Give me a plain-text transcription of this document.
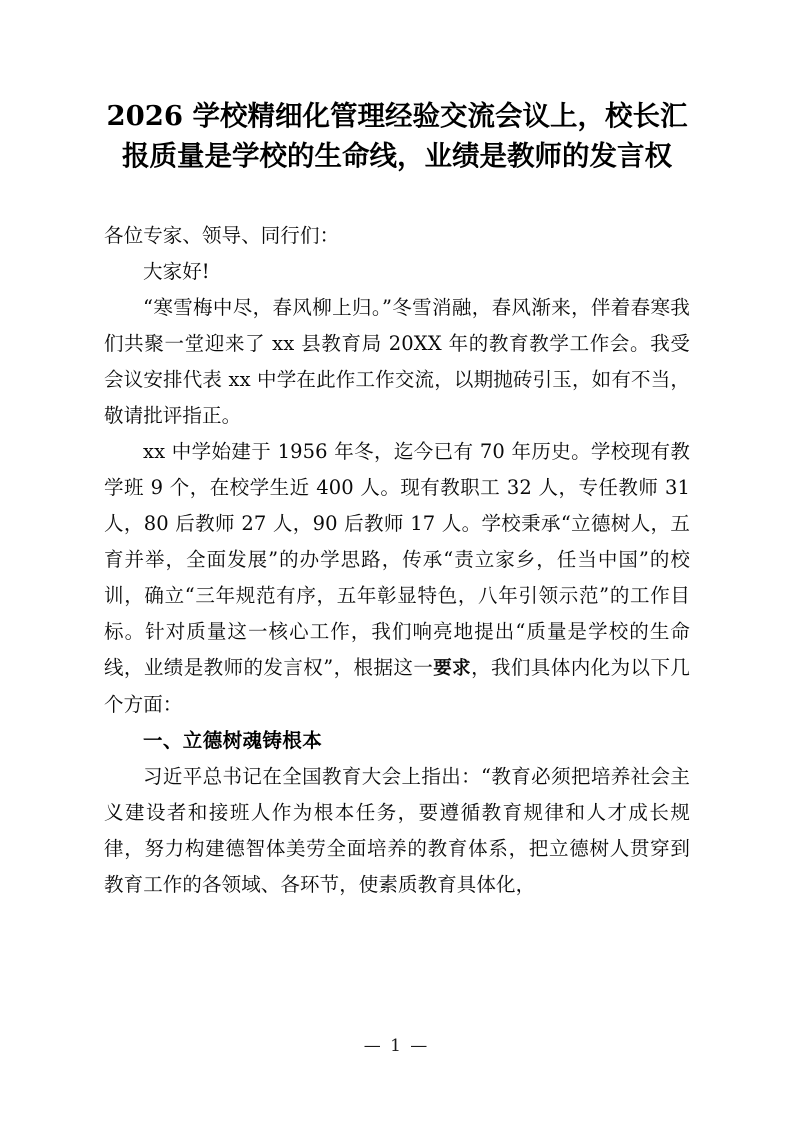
2026 学校精细化管理经验交流会议上，校长汇报质量是学校的生命线，业绩是教师的发言权

各位专家、领导、同行们：

大家好!

“寒雪梅中尽，春风柳上归。”冬雪消融，春风渐来，伴着春寒我们共聚一堂迎来了 xx 县教育局 20XX 年的教育教学工作会。我受会议安排代表 xx 中学在此作工作交流，以期抛砖引玉，如有不当，敬请批评指正。

xx 中学始建于 1956 年冬，迄今已有 70 年历史。学校现有教学班 9 个，在校学生近 400 人。现有教职工 32 人，专任教师 31 人，80 后教师 27 人，90 后教师 17 人。学校秉承“立德树人，五育并举，全面发展”的办学思路，传承“责立家乡，任当中国”的校训，确立“三年规范有序，五年彰显特色，八年引领示范”的工作目标。针对质量这一核心工作，我们响亮地提出“质量是学校的生命线，业绩是教师的发言权”，根据这一要求，我们具体内化为以下几个方面：

一、立德树魂铸根本

习近平总书记在全国教育大会上指出：“教育必须把培养社会主义建设者和接班人作为根本任务，要遵循教育规律和人才成长规律，努力构建德智体美劳全面培养的教育体系，把立德树人贯穿到教育工作的各领域、各环节，使素质教育具体化，

— 1 —
